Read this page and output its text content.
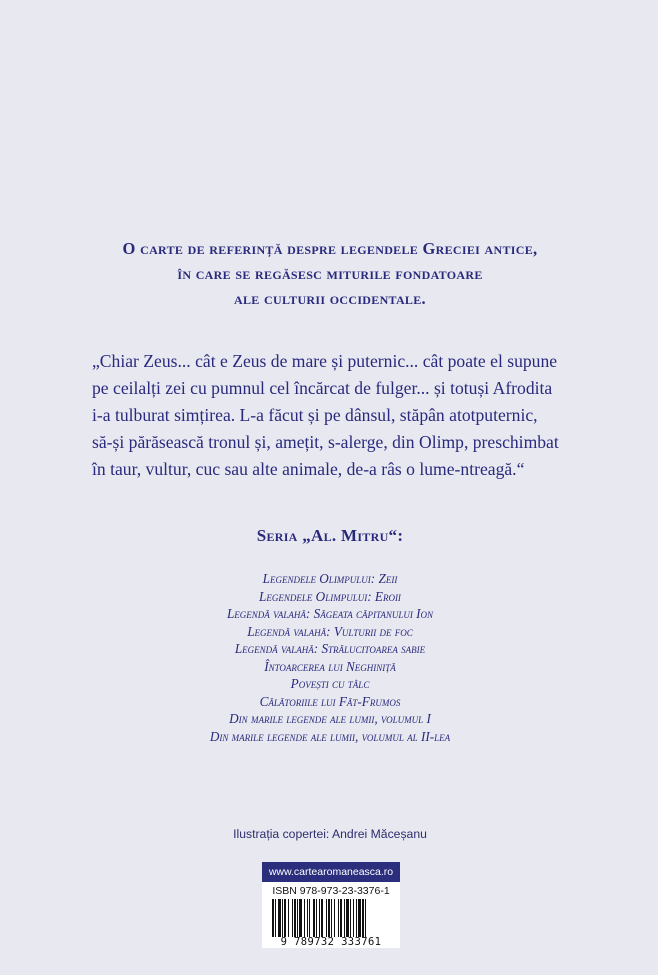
O carte de referință despre legendele Greciei antice,
în care se regăsesc miturile fondatoare
ale culturii occidentale.
„Chiar Zeus... cât e Zeus de mare și puternic... cât poate el supune
pe ceilalți zei cu pumnul cel încărcat de fulger... și totuși Afrodita
i-a tulburat simțirea. L-a făcut și pe dânsul, stăpân atotputernic,
să-și părăsească tronul și, amețit, s-alerge, din Olimp, preschimbat
în taur, vultur, cuc sau alte animale, de-a râs o lume-ntreagă.“
Seria „Al. Mitru“:
Legendele Olimpului: Zeii
Legendele Olimpului: Eroii
Legendă valahă: Săgeata căpitanului Ion
Legendă valahă: Vulturii de foc
Legendă valahă: Strălucitoarea sabie
Întoarcerea lui Neghiniță
Povești cu tâlc
Călătoriile lui Făt-Frumos
Din marile legende ale lumii, volumul I
Din marile legende ale lumii, volumul al II-lea
Ilustrația copertei: Andrei Măceșanu
www.cartearomaneasca.ro
ISBN 978-973-23-3376-1
9 789732 333761
